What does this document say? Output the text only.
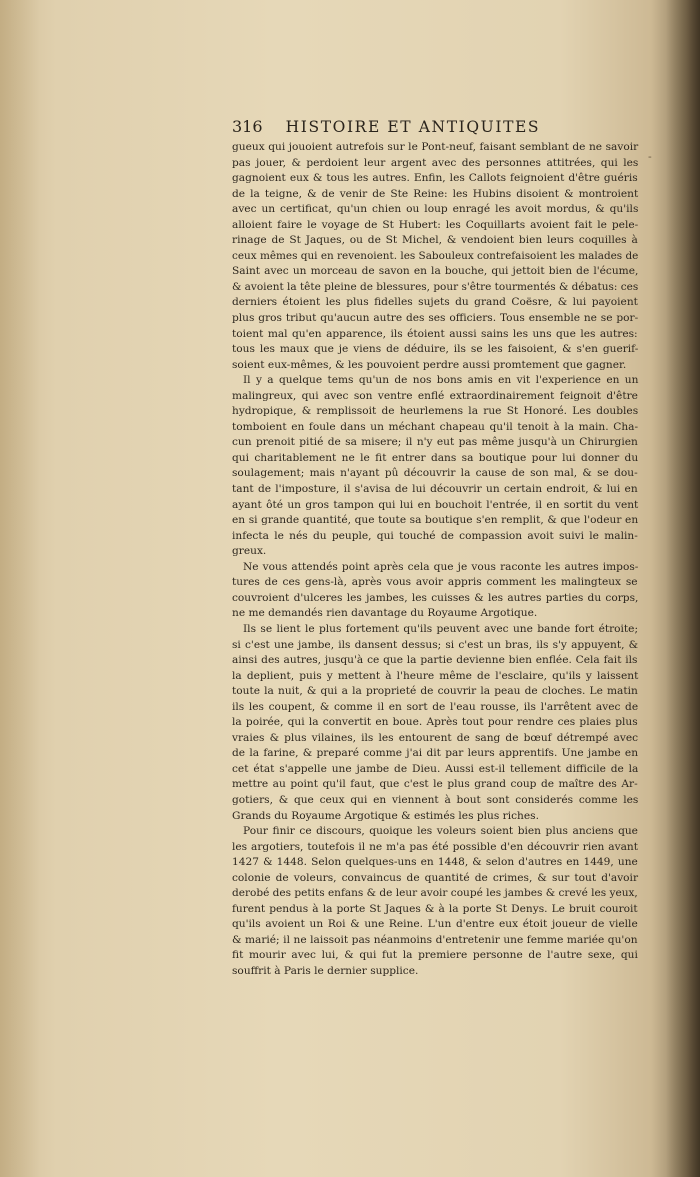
316 HISTOIRE ET ANTIQUITES
-
gueux qui jouoient autrefois sur le Pont-neuf, faisant semblant de ne savoir
pas jouer, & perdoient leur argent avec des personnes attitrées, qui les
gagnoient eux & tous les autres. Enfin, les Callots feignoient d'être guéris
de la teigne, & de venir de Ste Reine: les Hubins disoient & montroient
avec un certificat, qu'un chien ou loup enragé les avoit mordus, & qu'ils
alloient faire le voyage de St Hubert: les Coquillarts avoient fait le pele-
rinage de St Jaques, ou de St Michel, & vendoient bien leurs coquilles à
ceux mêmes qui en revenoient. les Sabouleux contrefaisoient les malades de
Saint avec un morceau de savon en la bouche, qui jettoit bien de l'écume,
& avoient la tête pleine de blessures, pour s'être tourmentés & débatus: ces
derniers étoient les plus fidelles sujets du grand Coësre, & lui payoient
plus gros tribut qu'aucun autre des ses officiers. Tous ensemble ne se por-
toient mal qu'en apparence, ils étoient aussi sains les uns que les autres:
tous les maux que je viens de déduire, ils se les faisoient, & s'en guerif-
soient eux-mêmes, & les pouvoient perdre aussi promtement que gagner.
Il y a quelque tems qu'un de nos bons amis en vit l'experience en un
malingreux, qui avec son ventre enflé extraordinairement feignoit d'être
hydropique, & remplissoit de heurlemens la rue St Honoré. Les doubles
tomboient en foule dans un méchant chapeau qu'il tenoit à la main. Cha-
cun prenoit pitié de sa misere; il n'y eut pas même jusqu'à un Chirurgien
qui charitablement ne le fit entrer dans sa boutique pour lui donner du
soulagement; mais n'ayant pû découvrir la cause de son mal, & se dou-
tant de l'imposture, il s'avisa de lui découvrir un certain endroit, & lui en
ayant ôté un gros tampon qui lui en bouchoit l'entrée, il en sortit du vent
en si grande quantité, que toute sa boutique s'en remplit, & que l'odeur en
infecta le nés du peuple, qui touché de compassion avoit suivi le malin-
greux.
Ne vous attendés point après cela que je vous raconte les autres impos-
tures de ces gens-là, après vous avoir appris comment les malingteux se
couvroient d'ulceres les jambes, les cuisses & les autres parties du corps,
ne me demandés rien davantage du Royaume Argotique.
Ils se lient le plus fortement qu'ils peuvent avec une bande fort étroite;
si c'est une jambe, ils dansent dessus; si c'est un bras, ils s'y appuyent, &
ainsi des autres, jusqu'à ce que la partie devienne bien enflée. Cela fait ils
la deplient, puis y mettent à l'heure même de l'esclaire, qu'ils y laissent
toute la nuit, & qui a la proprieté de couvrir la peau de cloches. Le matin
ils les coupent, & comme il en sort de l'eau rousse, ils l'arrêtent avec de
la poirée, qui la convertit en boue. Après tout pour rendre ces plaies plus
vraies & plus vilaines, ils les entourent de sang de bœuf détrempé avec
de la farine, & preparé comme j'ai dit par leurs apprentifs. Une jambe en
cet état s'appelle une jambe de Dieu. Aussi est-il tellement difficile de la
mettre au point qu'il faut, que c'est le plus grand coup de maître des Ar-
gotiers, & que ceux qui en viennent à bout sont considerés comme les
Grands du Royaume Argotique & estimés les plus riches.
Pour finir ce discours, quoique les voleurs soient bien plus anciens que
les argotiers, toutefois il ne m'a pas été possible d'en découvrir rien avant
1427 & 1448. Selon quelques-uns en 1448, & selon d'autres en 1449, une
colonie de voleurs, convaincus de quantité de crimes, & sur tout d'avoir
derobé des petits enfans & de leur avoir coupé les jambes & crevé les yeux,
furent pendus à la porte St Jaques & à la porte St Denys. Le bruit couroit
qu'ils avoient un Roi & une Reine. L'un d'entre eux étoit joueur de vielle
& marié; il ne laissoit pas néanmoins d'entretenir une femme mariée qu'on
fit mourir avec lui, & qui fut la premiere personne de l'autre sexe, qui
souffrit à Paris le dernier supplice.
